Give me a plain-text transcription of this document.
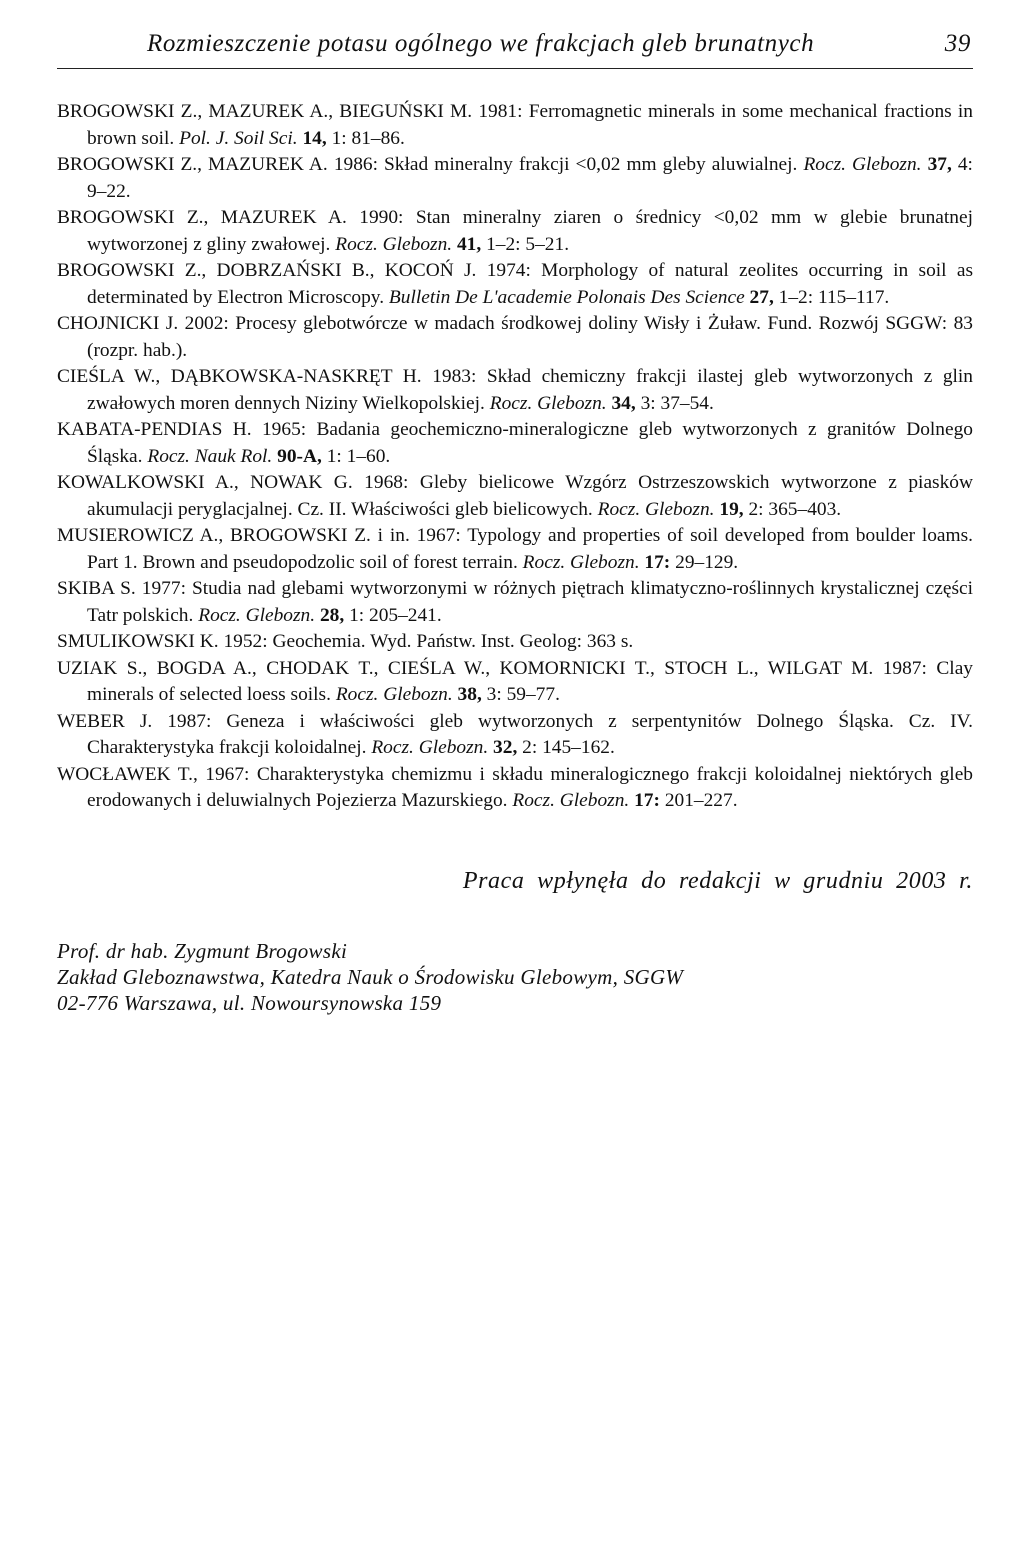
Rozmieszczenie potasu ogólnego we frakcjach gleb brunatnych	39
BROGOWSKI Z., MAZUREK A., BIEGUŃSKI M. 1981: Ferromagnetic minerals in some mechanical fractions in brown soil. Pol. J. Soil Sci. 14, 1: 81–86.
BROGOWSKI Z., MAZUREK A. 1986: Skład mineralny frakcji <0,02 mm gleby aluwialnej. Rocz. Glebozn. 37, 4: 9–22.
BROGOWSKI Z., MAZUREK A. 1990: Stan mineralny ziaren o średnicy <0,02 mm w glebie brunatnej wytworzonej z gliny zwałowej. Rocz. Glebozn. 41, 1–2: 5–21.
BROGOWSKI Z., DOBRZAŃSKI B., KOCOŃ J. 1974: Morphology of natural zeolites occurring in soil as determinated by Electron Microscopy. Bulletin De L'academie Polonais Des Science 27, 1–2: 115–117.
CHOJNICKI J. 2002: Procesy glebotwórcze w madach środkowej doliny Wisły i Żuław. Fund. Rozwój SGGW: 83 (rozpr. hab.).
CIEŚLA W., DĄBKOWSKA-NASKRĘT H. 1983: Skład chemiczny frakcji ilastej gleb wytworzonych z glin zwałowych moren dennych Niziny Wielkopolskiej. Rocz. Glebozn. 34, 3: 37–54.
KABATA-PENDIAS H. 1965: Badania geochemiczno-mineralogiczne gleb wytworzonych z granitów Dolnego Śląska. Rocz. Nauk Rol. 90-A, 1: 1–60.
KOWALKOWSKI A., NOWAK G. 1968: Gleby bielicowe Wzgórz Ostrzeszowskich wytworzone z piasków akumulacji peryglacjalnej. Cz. II. Właściwości gleb bielicowych. Rocz. Glebozn. 19, 2: 365–403.
MUSIEROWICZ A., BROGOWSKI Z. i in. 1967: Typology and properties of soil developed from boulder loams. Part 1. Brown and pseudopodzolic soil of forest terrain. Rocz. Glebozn. 17: 29–129.
SKIBA S. 1977: Studia nad glebami wytworzonymi w różnych piętrach klimatyczno-roślinnych krystalicznej części Tatr polskich. Rocz. Glebozn. 28, 1: 205–241.
SMULIKOWSKI K. 1952: Geochemia. Wyd. Państw. Inst. Geolog: 363 s.
UZIAK S., BOGDA A., CHODAK T., CIEŚLA W., KOMORNICKI T., STOCH L., WILGAT M. 1987: Clay minerals of selected loess soils. Rocz. Glebozn. 38, 3: 59–77.
WEBER J. 1987: Geneza i właściwości gleb wytworzonych z serpentynitów Dolnego Śląska. Cz. IV. Charakterystyka frakcji koloidalnej. Rocz. Glebozn. 32, 2: 145–162.
WOCŁAWEK T., 1967: Charakterystyka chemizmu i składu mineralogicznego frakcji koloidalnej niektórych gleb erodowanych i deluwialnych Pojezierza Mazurskiego. Rocz. Glebozn. 17: 201–227.
Praca wpłynęła do redakcji w grudniu 2003 r.
Prof. dr hab. Zygmunt Brogowski
Zakład Gleboznawstwa, Katedra Nauk o Środowisku Glebowym, SGGW
02-776 Warszawa, ul. Nowoursynowska 159
